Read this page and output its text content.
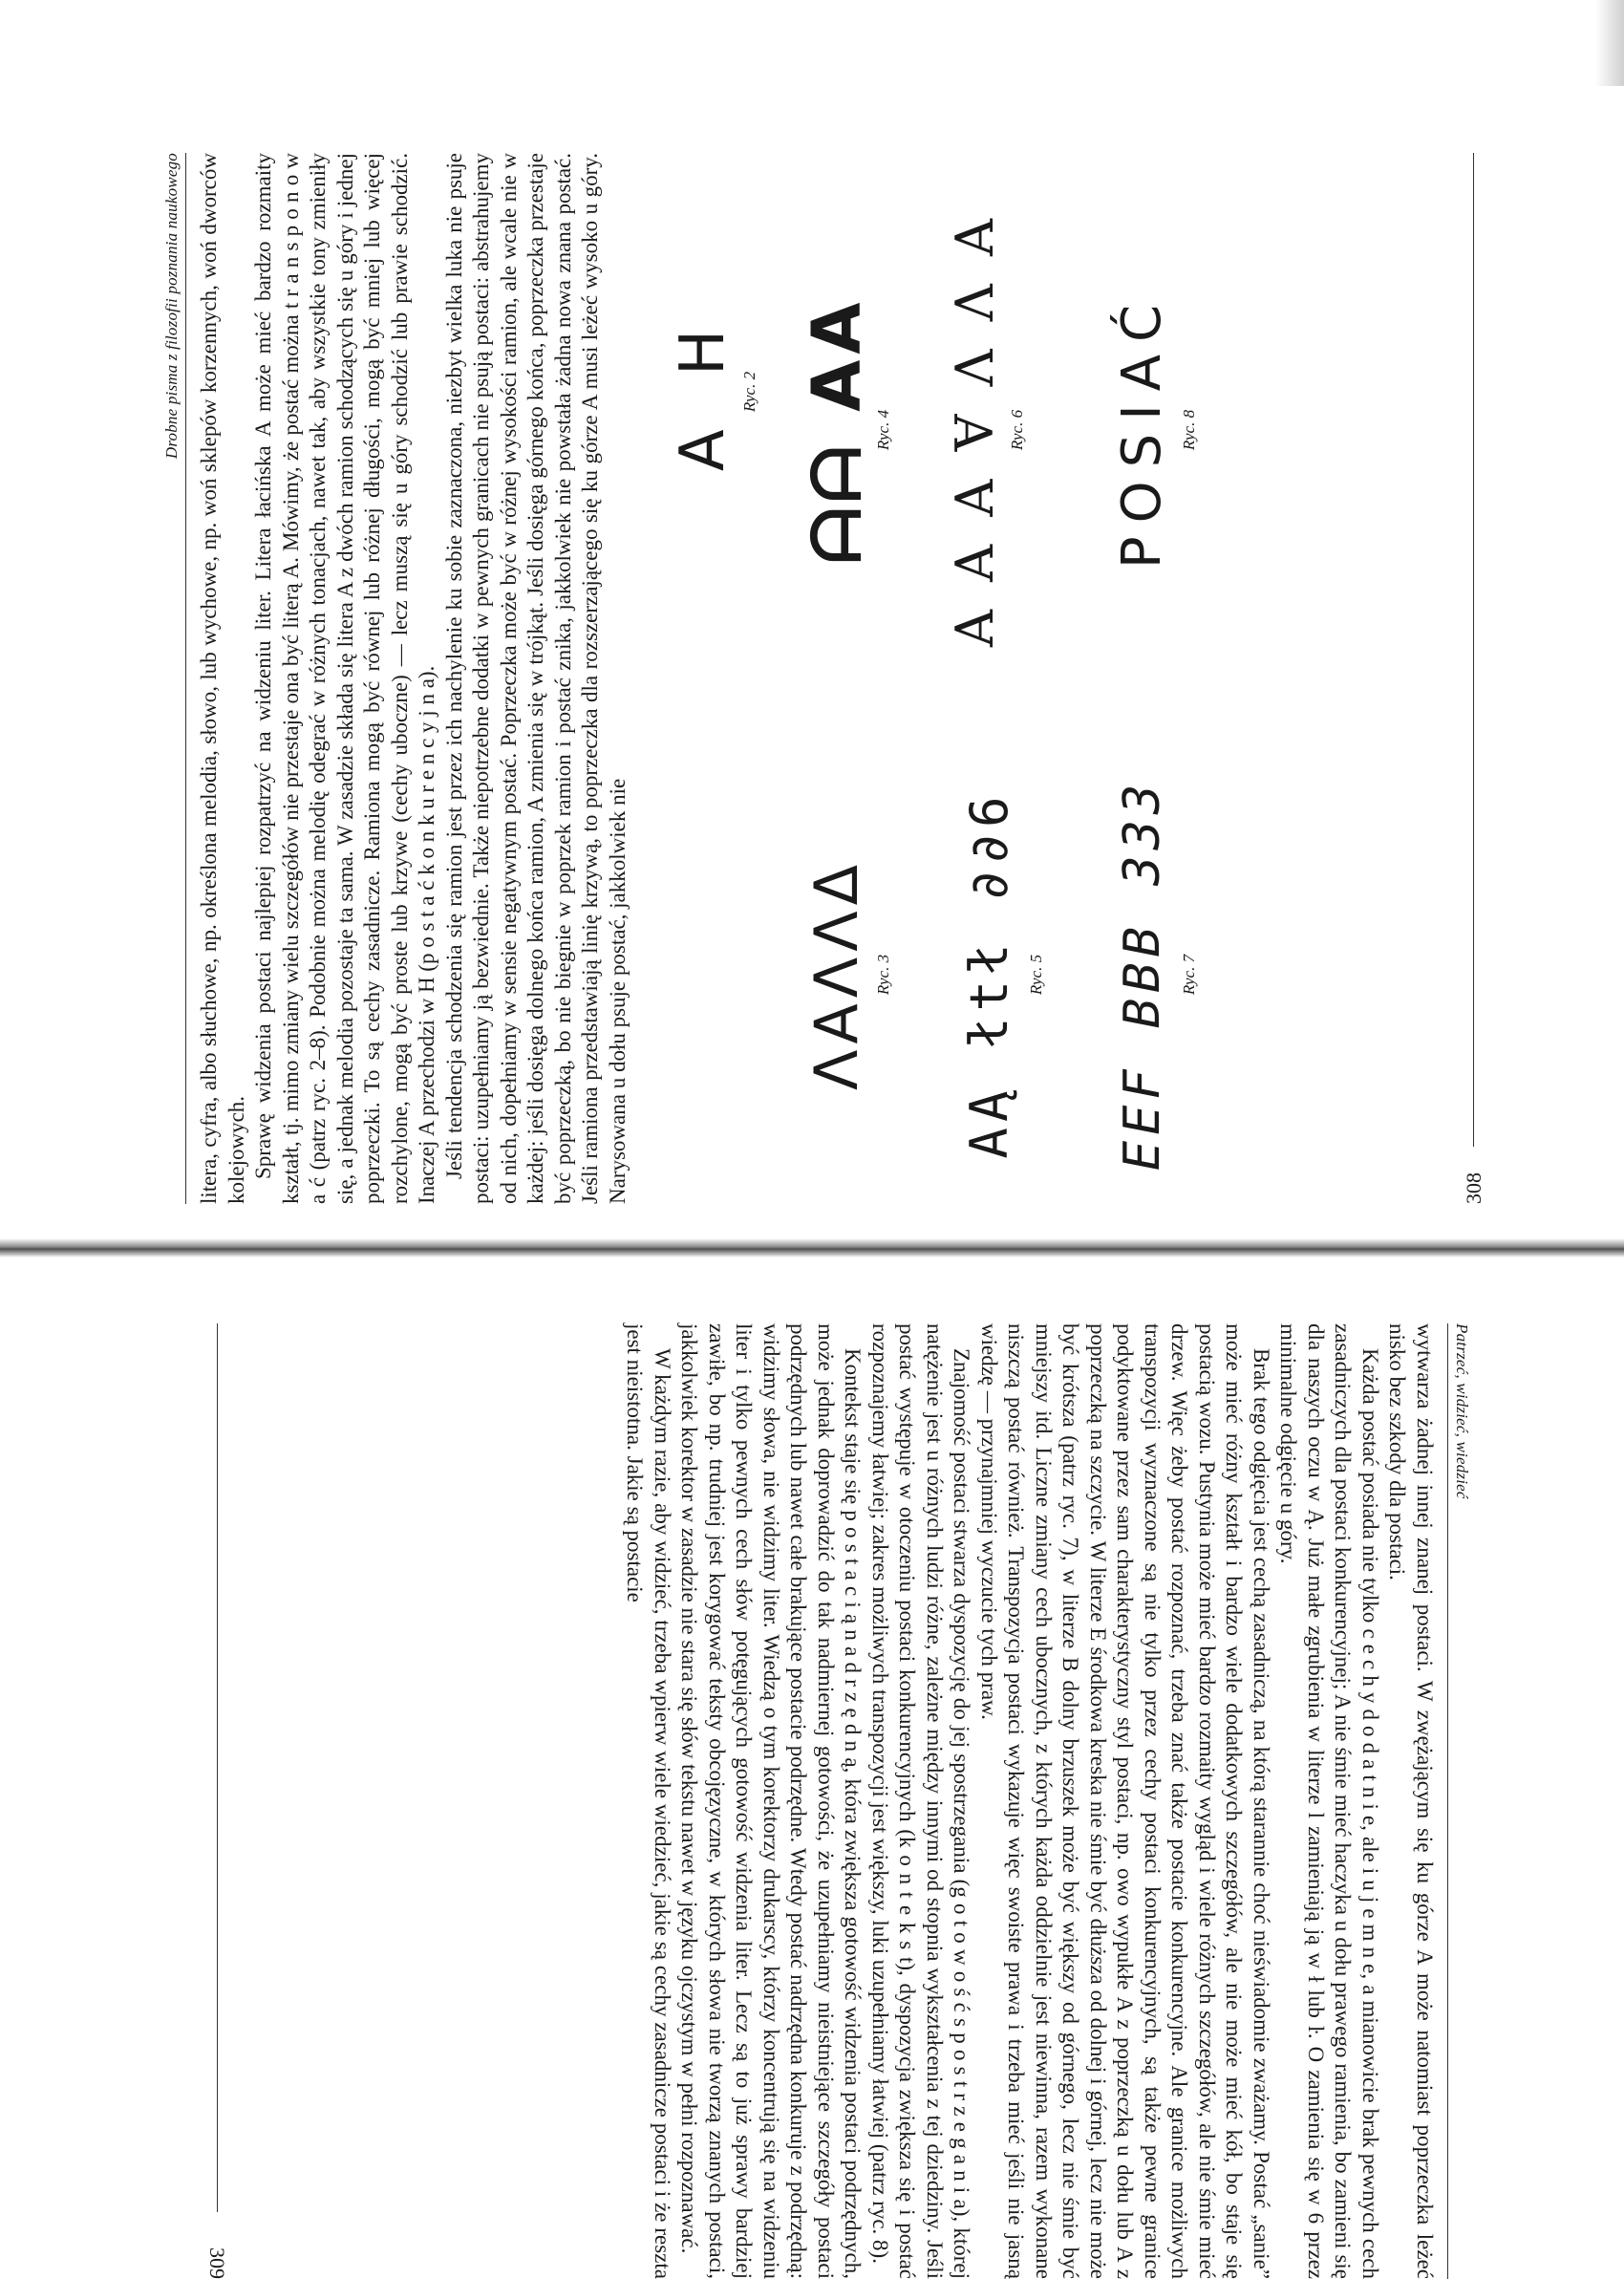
Drobne pisma z filozofii poznania naukowego litera, cyfra, albo słuchowe, np. określona melodia, słowo, lub wychowe, np. woń sklepów korzennych, woń dworców kolejowych. Sprawę widzenia postaci najlepiej rozpatrzyć na widzeniu liter. Litera łacińska A może mieć bardzo rozmaity kształt, tj. mimo zmiany wielu szczegółów nie przestaje ona być literą A. Mówimy, że postać można t r a n s p o n o w a ć (patrz ryc. 2–8). Podobnie można melodię odegrać w różnych tonacjach, nawet tak, aby wszystkie tony zmieniły się, a jednak melodia pozostaje ta sama. W zasadzie składa się litera A z dwóch ramion schodzących się u góry i jednej poprzeczki. To są cechy zasadnicze. Ramiona mogą być równej lub różnej długości, mogą być mniej lub więcej rozchylone, mogą być proste lub krzywe (cechy uboczne) — lecz muszą się u góry schodzić lub prawie schodzić. Inaczej A przechodzi w H (p o s t a ć k o n k u r e n c y j n a). Jeśli tendencja schodzenia się ramion jest przez ich nachylenie ku sobie zaznaczona, niezbyt wielka luka nie psuje postaci: uzupełniamy ją bezwiednie. Także niepotrzebne dodatki w pewnych granicach nie psują postaci: abstrahujemy od nich, dopełniamy w sensie negatywnym postać. Poprzeczka może być w różnej wysokości ramion, ale wcale nie w każdej: jeśli dosięga dolnego końca ramion, A zmienia się w trójkąt. Jeśli dosięga górnego końca, poprzeczka przestaje być poprzeczką, bo nie biegnie w poprzek ramion i postać znika, jakkolwiek nie powstała żadna nowa znana postać. Jeśli ramiona przedstawiają linię krzywą, to poprzeczka dla rozszerzającego się ku górze A musi leżeć wysoko u góry. Narysowana u dołu psuje postać, jakkolwiek nie

A H Ryc. 2
ΛΑΛΛΔ Ryc. 3
ᗩᗩ AA
Ryc. 4
AĄ łtł ∂∂6 Ryc. 5
A A A Ɐ Λ Λ A Ryc. 6
EEF BBB 333 Ryc. 7
POSIAĆ Ryc. 8
308
Patrzeć, widzieć, wiedzieć

wytwarza żadnej innej znanej postaci. W zwężającym się ku górze A może natomiast poprzeczka leżeć nisko bez szkody dla postaci.

Każda postać posiada nie tylko c e c h y d o d a t n i e, ale i u j e m n e, a mianowicie brak pewnych cech zasadniczych dla postaci konkurencyjnej; A nie śmie mieć haczyka u dołu prawego ramienia, bo zamieni się dla naszych oczu w Ą. Już małe zgrubienia w literze l zamieniają ją w ł lub ŀ. O zamienia się w 6 przez minimalne odgięcie u góry.

Brak tego odgięcia jest cechą zasadniczą, na którą starannie choć nieświadomie zważamy. Postać „sanie” może mieć różny kształt i bardzo wiele dodatkowych szczegółów, ale nie może mieć kół, bo staje się postacią wozu. Pustynia może mieć bardzo rozmaity wygląd i wiele różnych szczegółów, ale nie śmie mieć drzew. Więc żeby postać rozpoznać, trzeba znać także postacie konkurencyjne. Ale granice możliwych transpozycji wyznaczone są nie tylko przez cechy postaci konkurencyjnych, są także pewne granice podyktowane przez sam charakterystyczny styl postaci, np. owo wypukłe A z poprzeczką u dołu lub A z poprzeczką na szczycie. W literze E środkowa kreska nie śmie być dłuższa od dolnej i górnej, lecz nie może być krótsza (patrz ryc. 7), w literze B dolny brzuszek może być większy od górnego, lecz nie śmie być mniejszy itd. Liczne zmiany cech ubocznych, z których każda oddzielnie jest niewinna, razem wykonane niszczą postać również. Transpozycja postaci wykazuje więc swoiste prawa i trzeba mieć jeśli nie jasną wiedzę — przynajmniej wyczucie tych praw.

Znajomość postaci stwarza dyspozycję do jej spostrzegania (g o t o w o ś ć s p o s t r z e g a n i a), której natężenie jest u różnych ludzi różne, zależne między innymi od stopnia wykształcenia z tej dziedziny. Jeśli postać występuje w otoczeniu postaci konkurencyjnych (k o n t e k s t), dyspozycja zwiększa się i postać rozpoznajemy łatwiej; zakres możliwych transpozycji jest większy, luki uzupełniamy łatwiej (patrz ryc. 8).

Kontekst staje się p o s t a c i ą n a d r z ę d n ą, która zwiększa gotowość widzenia postaci podrzędnych, może jednak doprowadzić do tak nadmiernej gotowości, że uzupełniamy nieistniejące szczegóły postaci podrzędnych lub nawet całe brakujące postacie podrzędne. Wtedy postać nadrzędna konkuruje z podrzędną: widzimy słowa, nie widzimy liter. Wiedzą o tym korektorzy drukarscy, którzy koncentrują się na widzeniu liter i tylko pewnych cech słów potęgujących gotowość widzenia liter. Lecz są to już sprawy bardziej zawiłe, bo np. trudniej jest korygować teksty obcojęzyczne, w których słowa nie tworzą znanych postaci, jakkolwiek korektor w zasadzie nie stara się słów tekstu nawet w języku ojczystym w pełni rozpoznawać.

W każdym razie, aby widzieć, trzeba wpierw wiele wiedzieć, jakie są cechy zasadnicze postaci i że reszta jest nieistotna. Jakie są postacie

309
